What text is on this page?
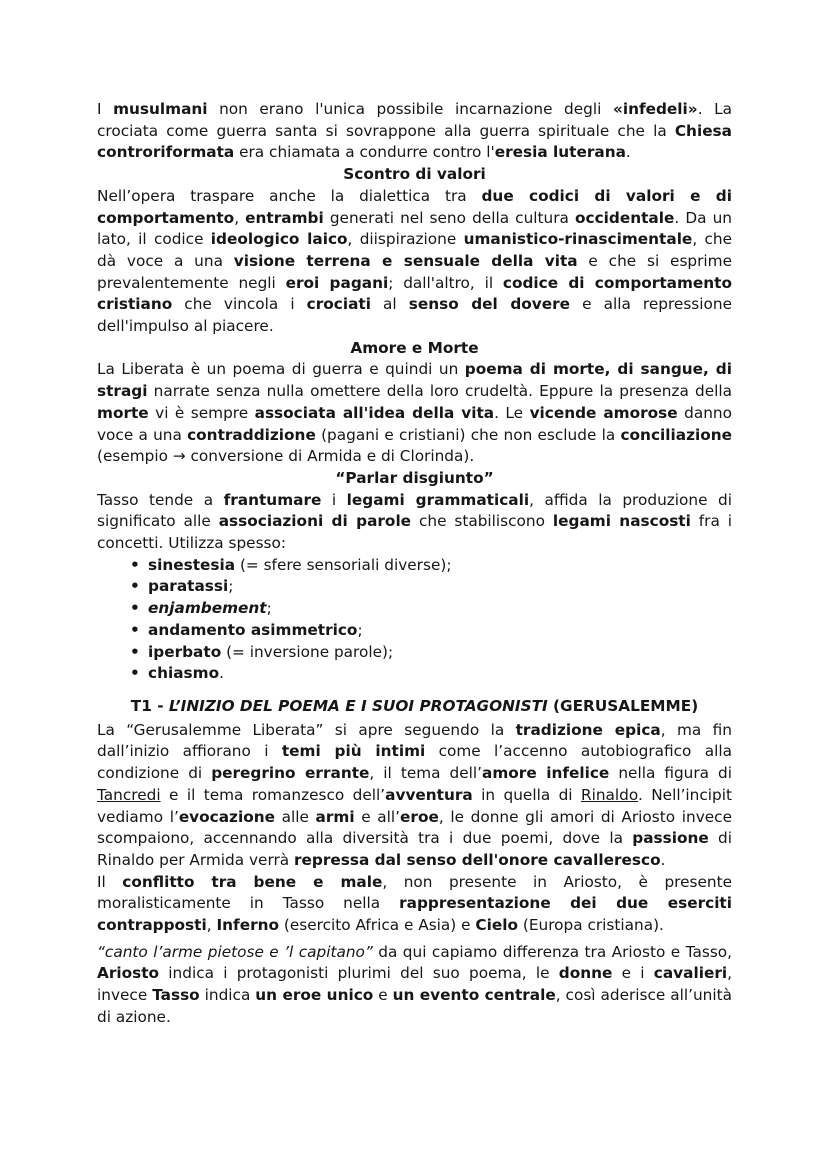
I musulmani non erano l'unica possibile incarnazione degli «infedeli». La crociata come guerra santa si sovrappone alla guerra spirituale che la Chiesa controriformata era chiamata a condurre contro l'eresia luterana.

Scontro di valori

Nell’opera traspare anche la dialettica tra due codici di valori e di comportamento, entrambi generati nel seno della cultura occidentale. Da un lato, il codice ideologico laico, diispirazione umanistico-rinascimentale, che dà voce a una visione terrena e sensuale della vita e che si esprime prevalentemente negli eroi pagani; dall'altro, il codice di comportamento cristiano che vincola i crociati al senso del dovere e alla repressione dell'impulso al piacere.

Amore e Morte

La Liberata è un poema di guerra e quindi un poema di morte, di sangue, di stragi narrate senza nulla omettere della loro crudeltà. Eppure la presenza della morte vi è sempre associata all'idea della vita. Le vicende amorose danno voce a una contraddizione (pagani e cristiani) che non esclude la conciliazione (esempio → conversione di Armida e di Clorinda).

“Parlar disgiunto”

Tasso tende a frantumare i legami grammaticali, affida la produzione di significato alle associazioni di parole che stabiliscono legami nascosti fra i concetti. Utilizza spesso:

• sinestesia (= sfere sensoriali diverse);
• paratassi;
• enjambement;
• andamento asimmetrico;
• iperbato (= inversione parole);
• chiasmo.

T1 - L’INIZIO DEL POEMA E I SUOI PROTAGONISTI (GERUSALEMME)

La “Gerusalemme Liberata” si apre seguendo la tradizione epica, ma fin dall’inizio affiorano i temi più intimi come l’accenno autobiografico alla condizione di peregrino errante, il tema dell’amore infelice nella figura di Tancredi e il tema romanzesco dell’avventura in quella di Rinaldo. Nell’incipit vediamo l’evocazione alle armi e all’eroe, le donne gli amori di Ariosto invece scompaiono, accennando alla diversità tra i due poemi, dove la passione di Rinaldo per Armida verrà repressa dal senso dell'onore cavalleresco.

Il conflitto tra bene e male, non presente in Ariosto, è presente moralisticamente in Tasso nella rappresentazione dei due eserciti contrapposti, Inferno (esercito Africa e Asia) e Cielo (Europa cristiana).

“canto l’arme pietose e ’l capitano” da qui capiamo differenza tra Ariosto e Tasso, Ariosto indica i protagonisti plurimi del suo poema, le donne e i cavalieri, invece Tasso indica un eroe unico e un evento centrale, così aderisce all’unità di azione.
